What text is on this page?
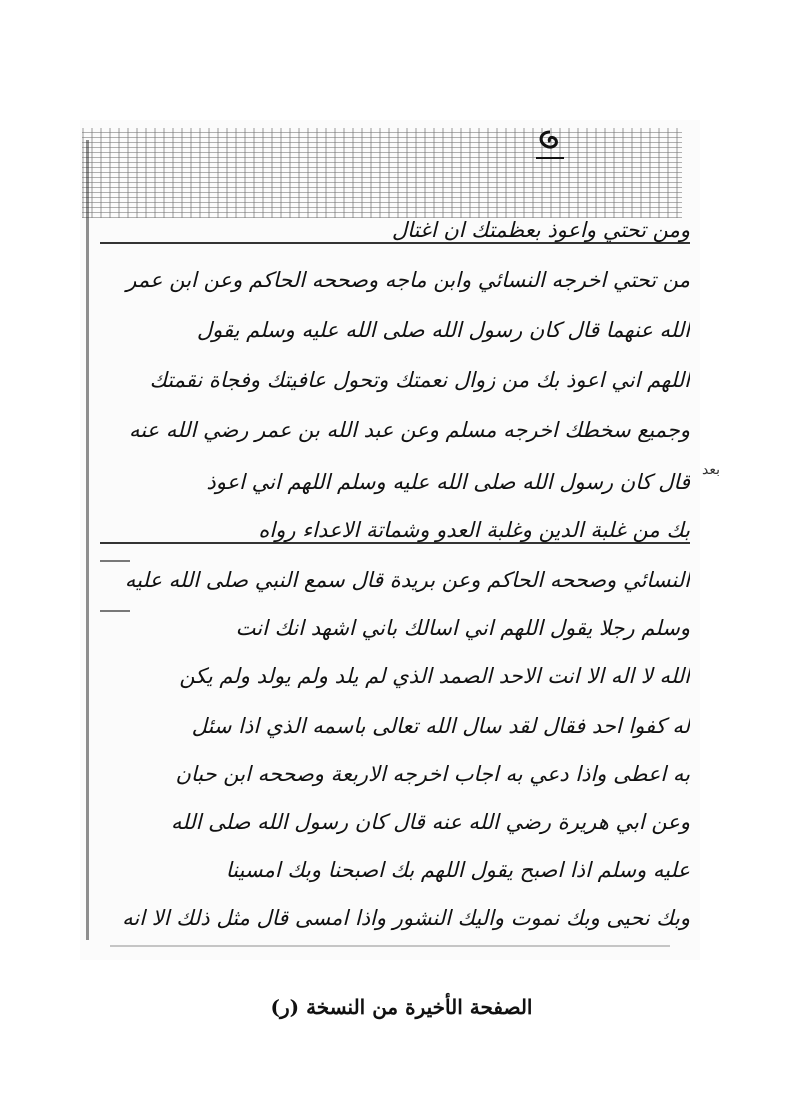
ومن تحتي واعوذ بعظمتك ان اغتال
من تحتي اخرجه النسائي وابن ماجه وصححه الحاكم وعن ابن عمر
الله عنهما قال كان رسول الله صلى الله عليه وسلم يقول
اللهم اني اعوذ بك من زوال نعمتك وتحول عافيتك وفجاة نقمتك
وجميع سخطك اخرجه مسلم وعن عبد الله بن عمر رضي الله عنه
قال كان رسول الله صلى الله عليه وسلم اللهم اني اعوذ
بك من غلبة الدين وغلبة العدو وشماتة الاعداء رواه
النسائي وصححه الحاكم وعن بريدة قال سمع النبي صلى الله عليه
وسلم رجلا يقول اللهم اني اسالك باني اشهد انك انت
الله لا اله الا انت الاحد الصمد الذي لم يلد ولم يولد ولم يكن
له كفوا احد فقال لقد سال الله تعالى باسمه الذي اذا سئل
به اعطى واذا دعي به اجاب اخرجه الاربعة وصححه ابن حبان
وعن ابي هريرة رضي الله عنه قال كان رسول الله صلى الله
عليه وسلم اذا اصبح يقول اللهم بك اصبحنا وبك امسينا
وبك نحيى وبك نموت واليك النشور واذا امسى قال مثل ذلك الا انه
بعد
الصفحة الأخيرة من النسخة (ر)
